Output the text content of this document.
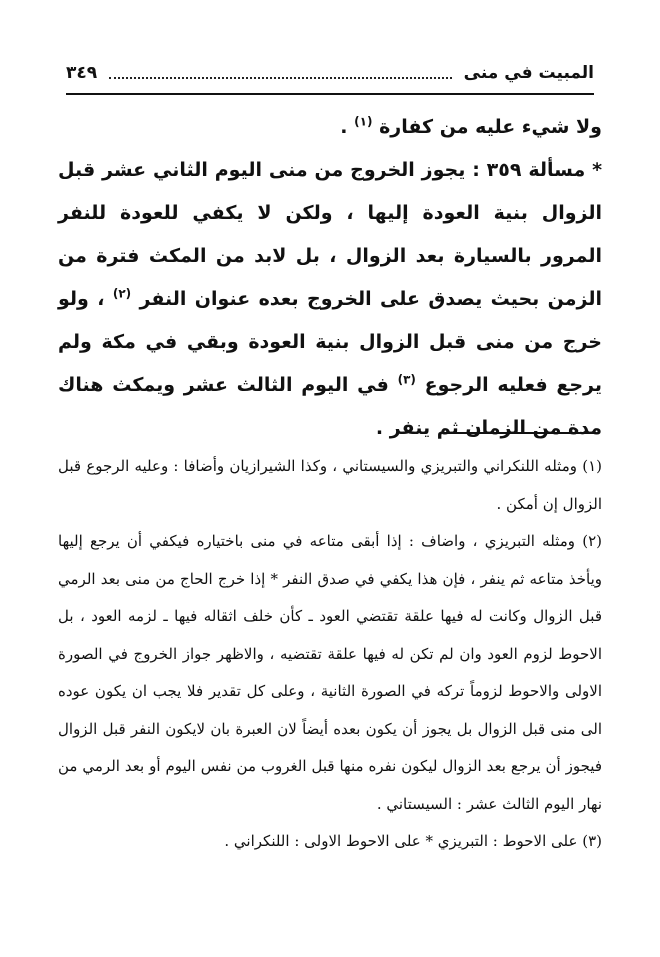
المبيت في منى
٣٤٩

ولا شيء عليه من كفارة $^{(١)}$ .

* مسألة ٣٥٩ : يجوز الخروج من منى اليوم الثاني عشر قبل الزوال بنية العودة إليها ، ولكن لا يكفي للعودة للنفر المرور بالسيارة بعد الزوال ، بل لابد من المكث فترة من الزمن بحيث يصدق على الخروج بعده عنوان النفر $^{(٢)}$ ، ولو خرج من منى قبل الزوال بنية العودة وبقي في مكة ولم يرجع فعليه الرجوع $^{(٣)}$ في اليوم الثالث عشر ويمكث هناك مدة من الزمان ثم ينفر .

(١) ومثله اللنكراني والتبريزي والسيستاني ، وكذا الشيرازيان وأضافا : وعليه الرجوع قبل الزوال إن أمكن .

(٢) ومثله التبريزي ، واضاف : إذا أبقى متاعه في منى باختياره فيكفي أن يرجع إليها ويأخذ متاعه ثم ينفر ، فإن هذا يكفي في صدق النفر * إذا خرج الحاج من منى بعد الرمي قبل الزوال وكانت له فيها علقة تقتضي العود ـ كأن خلف اثقاله فيها ـ لزمه العود ، بل الاحوط لزوم العود وان لم تكن له فيها علقة تقتضيه ، والاظهر جواز الخروج في الصورة الاولى والاحوط لزوماً تركه في الصورة الثانية ، وعلى كل تقدير فلا يجب ان يكون عوده الى منى قبل الزوال بل يجوز أن يكون بعده أيضاً لان العبرة بان لايكون النفر قبل الزوال فيجوز أن يرجع بعد الزوال ليكون نفره منها قبل الغروب من نفس اليوم أو بعد الرمي من نهار اليوم الثالث عشر : السيستاني .

(٣) على الاحوط : التبريزي * على الاحوط الاولى : اللنكراني .
